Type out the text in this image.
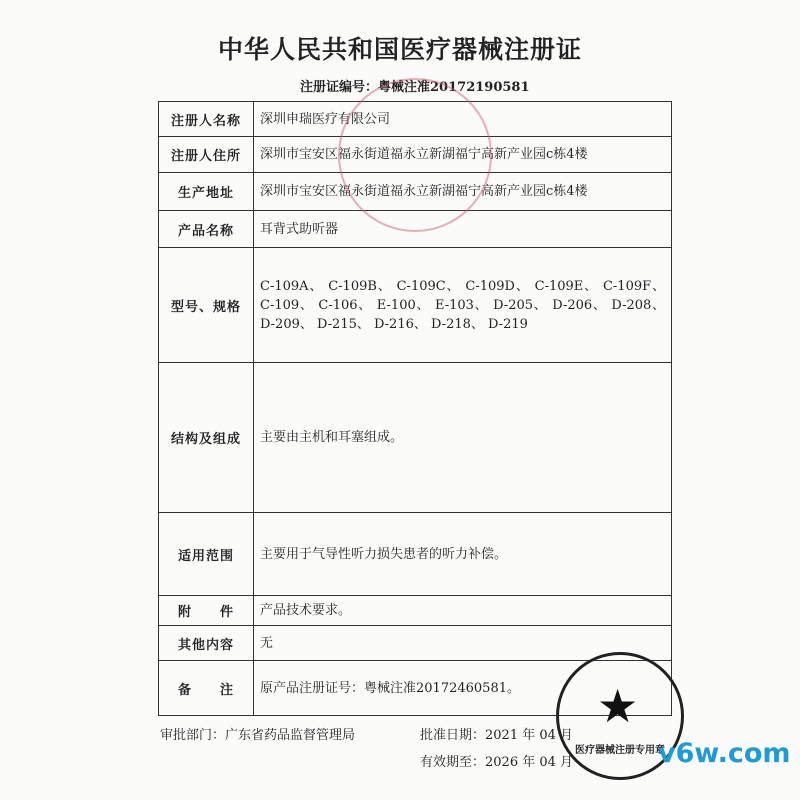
中华人民共和国医疗器械注册证
注册证编号：粤械注准20172190581
注册人名称	深圳申瑞医疗有限公司
注册人住所	深圳市宝安区福永街道福永立新湖福宁高新产业园c栋4楼
生产地址	深圳市宝安区福永街道福永立新湖福宁高新产业园c栋4楼
产品名称	耳背式助听器
型号、规格	C-109A、 C-109B、 C-109C、 C-109D、 C-109E、 C-109F、 C-109、 C-106、 E-100、 E-103、 D-205、 D-206、 D-208、 D-209、 D-215、 D-216、 D-218、 D-219
结构及组成	主要由主机和耳塞组成。
适用范围	主要用于气导性听力损失患者的听力补偿。
附　　件	产品技术要求。
其他内容	无
备　　注	原产品注册证号：粤械注准20172460581。 ★
医疗器械注册专用章
审批部门：广东省药品监督管理局	批准日期：2021 年 04 月
有效期至：2026 年 04 月	v6w.com
